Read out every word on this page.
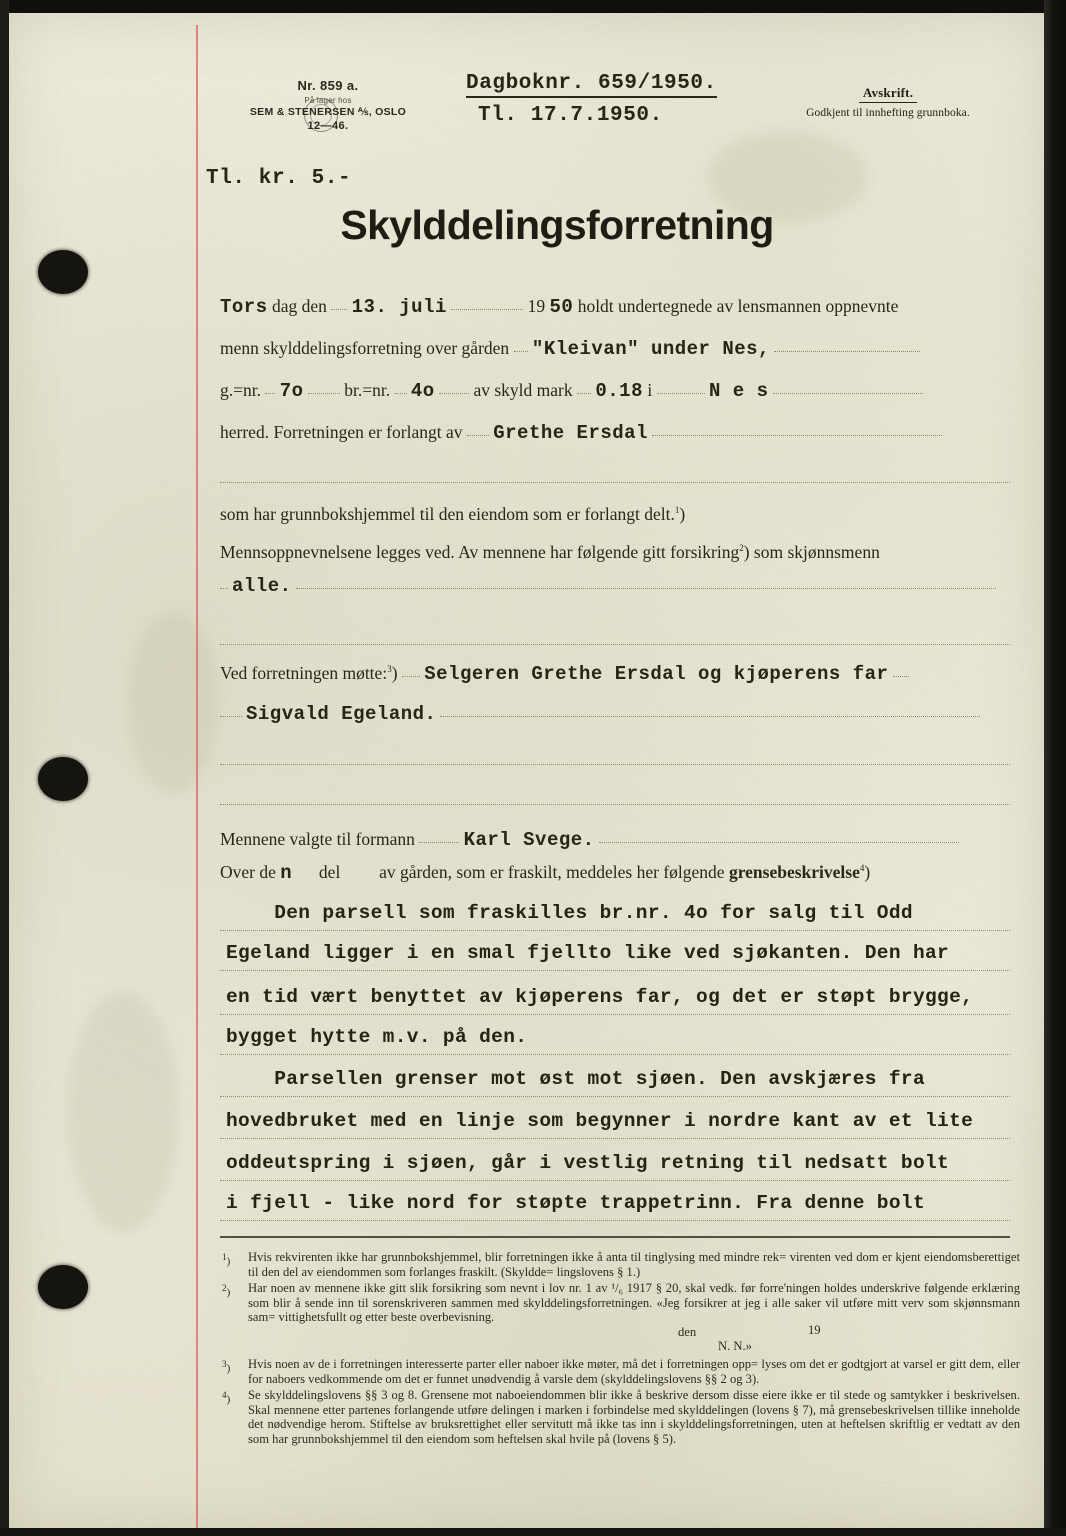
Nr. 859 a.
På lager hos
SEM & STENERSEN ⅍, OSLO
12—46.
Dagboknr. 659/1950.
Tl. 17.7.1950.
Avskrift.
Godkjent til innhefting grunnboka.
Tl. kr. 5.-
Skylddelingsforretning
Tors dag den 13. juli	19 50 holdt undertegnede av lensmannen oppnevnte
menn skylddelingsforretning over gården "Kleivan" under Nes,
g.=nr. 7o br.=nr. 4o av skyld mark 0.18 i	N e s
herred. Forretningen er forlangt av Grethe Ersdal
som har grunnbokshjemmel til den eiendom som er forlangt delt.$^1$)
Mennsoppnevnelsene legges ved. Av mennene har følgende gitt forsikring$^2$) som skjønnsmenn
alle.
Ved forretningen møtte:$^3$)  Selgeren Grethe Ersdal og kjøperens far
Sigvald Egeland.
Mennene valgte til formann	Karl Svege.
Over de n del av gården, som er fraskilt, meddeles her følgende grensebeskrivelse$^4$)
Den parsell som fraskilles br.nr. 4o for salg til Odd
Egeland ligger i en smal fjellto like ved sjøkanten. Den har
en tid vært benyttet av kjøperens far, og det er støpt brygge,
bygget hytte m.v. på den.
Parsellen grenser mot øst mot sjøen. Den avskjæres fra
hovedbruket med en linje som begynner i nordre kant av et lite
oddeutspring i sjøen, går i vestlig retning til nedsatt bolt
i fjell - like nord for støpte trappetrinn. Fra denne bolt
$^1$) Hvis rekvirenten ikke har grunnbokshjemmel, blir forretningen ikke å anta til tinglysing med mindre rek= virenten ved dom er kjent eiendomsberettiget til den del av eiendommen som forlanges fraskilt. (Skyldde= lingslovens § 1.)
$^2$) Har noen av mennene ikke gitt slik forsikring som nevnt i lov nr. 1 av ¹/₆ 1917 § 20, skal vedk. før forre'ningen holdes underskrive følgende erklæring som blir å sende inn til sorenskriveren sammen med skylddelingsforretningen. «Jeg forsikrer at jeg i alle saker vil utføre mitt verv som skjønnsmann sam= vittighetsfullt og etter beste overbevisning.
den	19
N. N.»
$^3$) Hvis noen av de i forretningen interesserte parter eller naboer ikke møter, må det i forretningen opp= lyses om det er godtgjort at varsel er gitt dem, eller for naboers vedkommende om det er funnet unødvendig å varsle dem (skylddelingslovens §§ 2 og 3).
$^4$) Se skylddelingslovens §§ 3 og 8. Grensene mot naboeiendommen blir ikke å beskrive dersom disse eiere ikke er til stede og samtykker i beskrivelsen. Skal mennene etter partenes forlangende utføre delingen i marken i forbindelse med skylddelingen (lovens § 7), må grensebeskrivelsen tillike inneholde det nødvendige herom. Stiftelse av bruksrettighet eller servitutt må ikke tas inn i skylddelingsforretningen, uten at heftelsen skriftlig er vedtatt av den som har grunnbokshjemmel til den eiendom som heftelsen skal hvile på (lovens § 5).
